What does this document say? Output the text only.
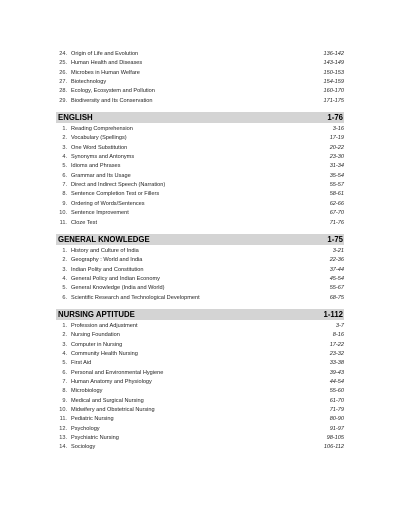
24. Origin of Life and Evolution	136-142
25. Human Health and Diseases	143-149
26. Microbes in Human Welfare	150-153
27. Biotechnology	154-159
28. Ecology, Ecosystem and Pollution	160-170
29. Biodiversity and Its Conservation	171-175
ENGLISH	1-76
1. Reading Comprehension	3-16
2. Vocabulary (Spellings)	17-19
3. One Word Substitution	20-22
4. Synonyms and Antonyms	23-30
5. Idioms and Phrases	31-34
6. Grammar and Its Usage	35-54
7. Direct and Indirect Speech (Narration)	55-57
8. Sentence Completion Test or Fillers	58-61
9. Ordering of Words/Sentences	62-66
10. Sentence Improvement	67-70
11. Cloze Test	71-76
GENERAL KNOWLEDGE	1-75
1. History and Culture of India	3-21
2. Geography : World and India	22-36
3. Indian Polity and Constitution	37-44
4. General Policy and Indian Economy	45-54
5. General Knowledge (India and World)	55-67
6. Scientific Research and Technological Development	68-75
NURSING APTITUDE	1-112
1. Profession and Adjustment	3-7
2. Nursing Foundation	8-16
3. Computer in Nursing	17-22
4. Community Health Nursing	23-32
5. First Aid	33-38
6. Personal and Environmental Hygiene	39-43
7. Human Anatomy and Physiology	44-54
8. Microbiology	55-60
9. Medical and Surgical Nursing	61-70
10. Midwifery and Obstetrical Nursing	71-79
11. Pediatric Nursing	80-90
12. Psychology	91-97
13. Psychiatric Nursing	98-105
14. Sociology	106-112
